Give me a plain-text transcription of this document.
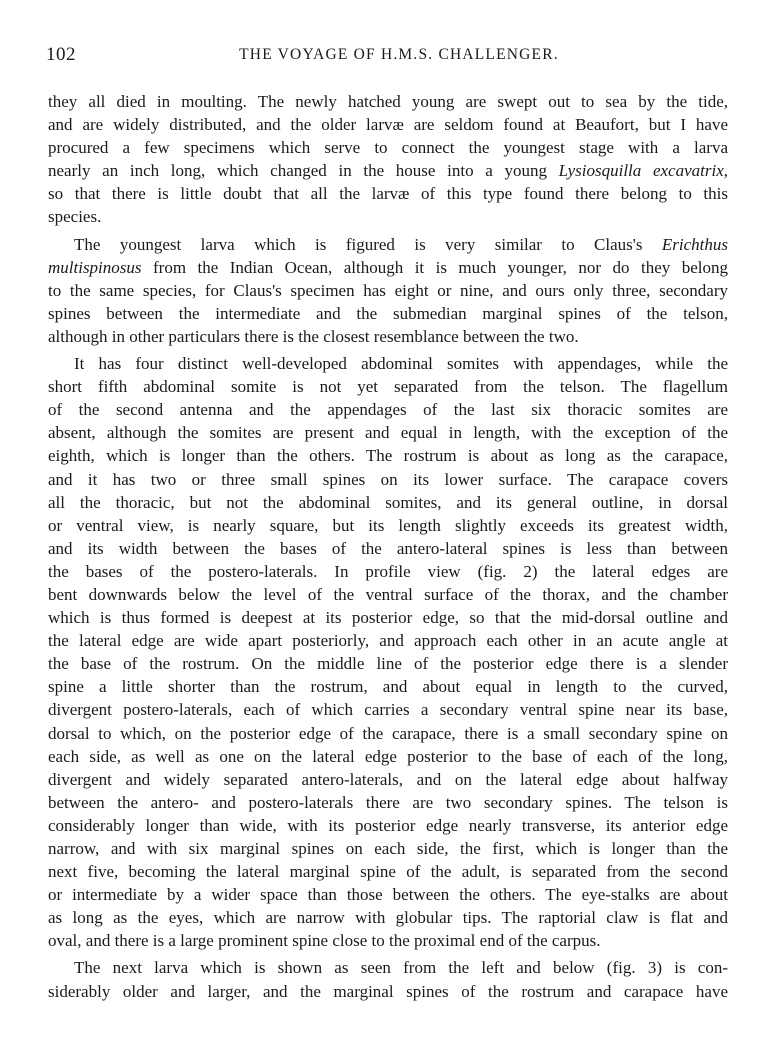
102	THE VOYAGE OF H.M.S. CHALLENGER.
they all died in moulting. The newly hatched young are swept out to sea by the tide,
and are widely distributed, and the older larvæ are seldom found at Beaufort, but I have
procured a few specimens which serve to connect the youngest stage with a larva
nearly an inch long, which changed in the house into a young Lysiosquilla excavatrix,
so that there is little doubt that all the larvæ of this type found there belong to this
species.
The youngest larva which is figured is very similar to Claus's Erichthus
multispinosus from the Indian Ocean, although it is much younger, nor do they belong
to the same species, for Claus's specimen has eight or nine, and ours only three, secondary
spines between the intermediate and the submedian marginal spines of the telson,
although in other particulars there is the closest resemblance between the two.
It has four distinct well-developed abdominal somites with appendages, while the
short fifth abdominal somite is not yet separated from the telson. The flagellum
of the second antenna and the appendages of the last six thoracic somites are
absent, although the somites are present and equal in length, with the exception of the
eighth, which is longer than the others. The rostrum is about as long as the carapace,
and it has two or three small spines on its lower surface. The carapace covers
all the thoracic, but not the abdominal somites, and its general outline, in dorsal
or ventral view, is nearly square, but its length slightly exceeds its greatest width,
and its width between the bases of the antero-lateral spines is less than between
the bases of the postero-laterals. In profile view (fig. 2) the lateral edges are
bent downwards below the level of the ventral surface of the thorax, and the chamber
which is thus formed is deepest at its posterior edge, so that the mid-dorsal outline and
the lateral edge are wide apart posteriorly, and approach each other in an acute angle at
the base of the rostrum. On the middle line of the posterior edge there is a slender
spine a little shorter than the rostrum, and about equal in length to the curved,
divergent postero-laterals, each of which carries a secondary ventral spine near its base,
dorsal to which, on the posterior edge of the carapace, there is a small secondary spine on
each side, as well as one on the lateral edge posterior to the base of each of the long,
divergent and widely separated antero-laterals, and on the lateral edge about halfway
between the antero- and postero-laterals there are two secondary spines. The telson is
considerably longer than wide, with its posterior edge nearly transverse, its anterior edge
narrow, and with six marginal spines on each side, the first, which is longer than the
next five, becoming the lateral marginal spine of the adult, is separated from the second
or intermediate by a wider space than those between the others. The eye-stalks are about
as long as the eyes, which are narrow with globular tips. The raptorial claw is flat and
oval, and there is a large prominent spine close to the proximal end of the carpus.
The next larva which is shown as seen from the left and below (fig. 3) is con-
siderably older and larger, and the marginal spines of the rostrum and carapace have
